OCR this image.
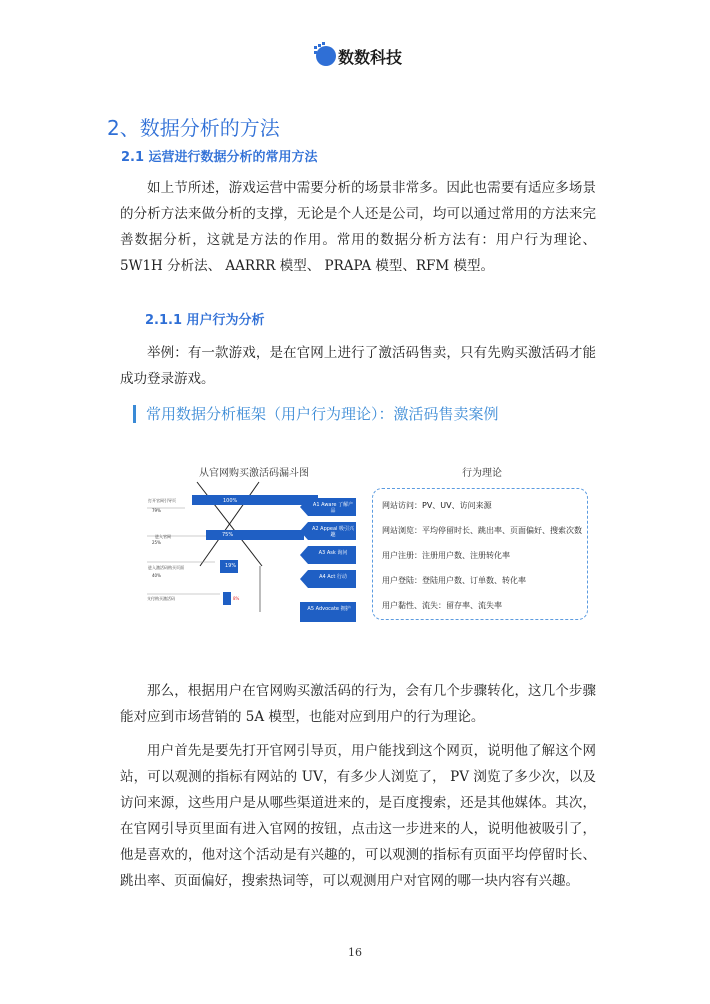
数数科技
2、数据分析的方法
2.1 运营进行数据分析的常用方法
如上节所述，游戏运营中需要分析的场景非常多。因此也需要有适应多场景的分析方法来做分析的支撑，无论是个人还是公司，均可以通过常用的方法来完善数据分析，这就是方法的作用。常用的数据分析方法有：用户行为理论、5W1H 分析法、 AARRR 模型、 PRAPA 模型、RFM 模型。
2.1.1 用户行为分析
举例：有一款游戏，是在官网上进行了激活码售卖，只有先购买激活码才能成功登录游戏。
常用数据分析框架（用户行为理论）：激活码售卖案例
从官网购买激活码漏斗图	行为理论
100%
75%
19%
8%
打开官网引导页
79%
进入官网
25%
进入激活码购买页面
40%
支付购买激活码
A1 Aware 了解产品
A2 Appeal 吸引兴趣
A3 Ask 询问
A4 Act 行动
A5 Advocate 拥护
网站访问：PV、UV、访问来源
网站浏览：平均停留时长、跳出率、页面偏好、搜索次数
用户注册：注册用户数、注册转化率
用户登陆：登陆用户数、订单数、转化率
用户黏性、流失：留存率、流失率
那么，根据用户在官网购买激活码的行为，会有几个步骤转化，这几个步骤能对应到市场营销的 5A 模型，也能对应到用户的行为理论。
用户首先是要先打开官网引导页，用户能找到这个网页，说明他了解这个网站，可以观测的指标有网站的 UV，有多少人浏览了， PV 浏览了多少次，以及访问来源，这些用户是从哪些渠道进来的，是百度搜索，还是其他媒体。其次，在官网引导页里面有进入官网的按钮，点击这一步进来的人，说明他被吸引了，他是喜欢的，他对这个活动是有兴趣的，可以观测的指标有页面平均停留时长、跳出率、页面偏好，搜索热词等，可以观测用户对官网的哪一块内容有兴趣。
16
